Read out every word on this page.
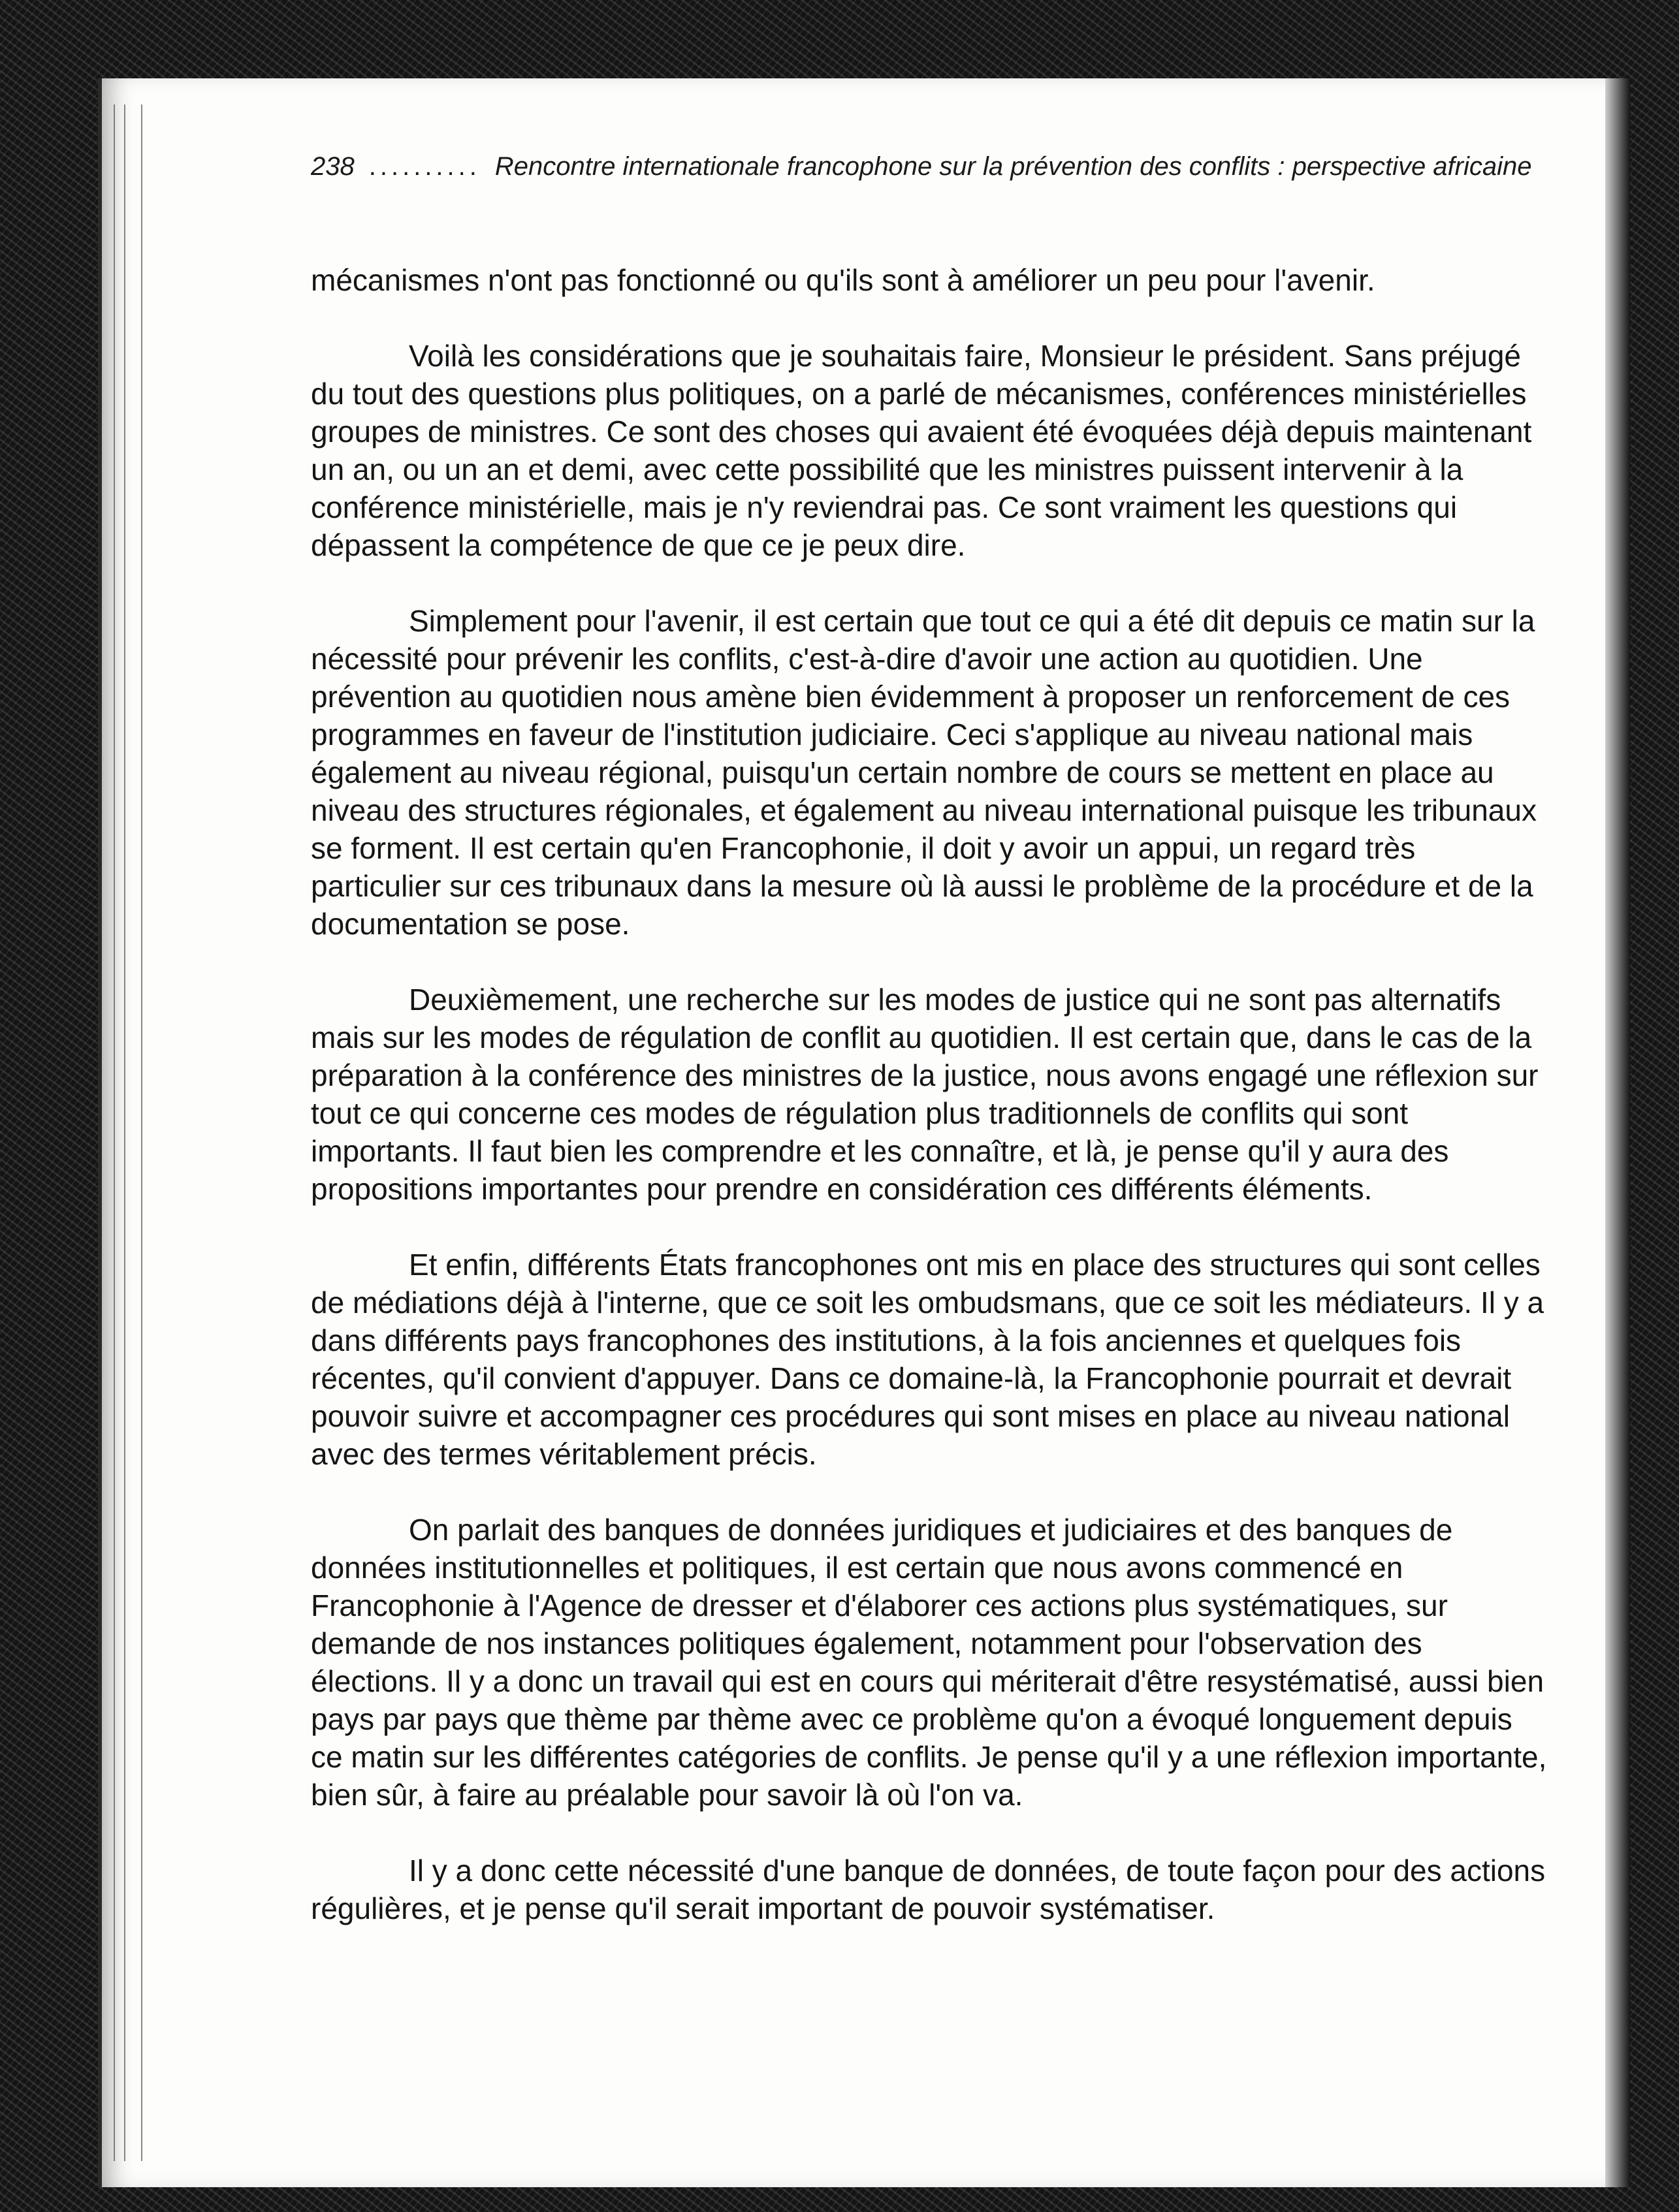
238 .......... Rencontre internationale francophone sur la prévention des conflits : perspective africaine

mécanismes n'ont pas fonctionné ou qu'ils sont à améliorer un peu pour l'avenir.

Voilà les considérations que je souhaitais faire, Monsieur le président. Sans préjugé du tout des questions plus politiques, on a parlé de mécanismes, conférences ministérielles groupes de ministres. Ce sont des choses qui avaient été évoquées déjà depuis maintenant un an, ou un an et demi, avec cette possibilité que les ministres puissent intervenir à la conférence ministérielle, mais je n'y reviendrai pas. Ce sont vraiment les questions qui dépassent la compétence de que ce je peux dire.

Simplement pour l'avenir, il est certain que tout ce qui a été dit depuis ce matin sur la nécessité pour prévenir les conflits, c'est-à-dire d'avoir une action au quotidien. Une prévention au quotidien nous amène bien évidemment à proposer un renforcement de ces programmes en faveur de l'institution judiciaire. Ceci s'applique au niveau national mais également au niveau régional, puisqu'un certain nombre de cours se mettent en place au niveau des structures régionales, et également au niveau international puisque les tribunaux se forment. Il est certain qu'en Francophonie, il doit y avoir un appui, un regard très particulier sur ces tribunaux dans la mesure où là aussi le problème de la procédure et de la documentation se pose.

Deuxièmement, une recherche sur les modes de justice qui ne sont pas alternatifs mais sur les modes de régulation de conflit au quotidien. Il est certain que, dans le cas de la préparation à la conférence des ministres de la justice, nous avons engagé une réflexion sur tout ce qui concerne ces modes de régulation plus traditionnels de conflits qui sont importants. Il faut bien les comprendre et les connaître, et là, je pense qu'il y aura des propositions importantes pour prendre en considération ces différents éléments.

Et enfin, différents États francophones ont mis en place des structures qui sont celles de médiations déjà à l'interne, que ce soit les ombudsmans, que ce soit les médiateurs. Il y a dans différents pays francophones des institutions, à la fois anciennes et quelques fois récentes, qu'il convient d'appuyer. Dans ce domaine-là, la Francophonie pourrait et devrait pouvoir suivre et accompagner ces procédures qui sont mises en place au niveau national avec des termes véritablement précis.

On parlait des banques de données juridiques et judiciaires et des banques de données institutionnelles et politiques, il est certain que nous avons commencé en Francophonie à l'Agence de dresser et d'élaborer ces actions plus systématiques, sur demande de nos instances politiques également, notamment pour l'observation des élections. Il y a donc un travail qui est en cours qui mériterait d'être resystématisé, aussi bien pays par pays que thème par thème avec ce problème qu'on a évoqué longuement depuis ce matin sur les différentes catégories de conflits. Je pense qu'il y a une réflexion importante, bien sûr, à faire au préalable pour savoir là où l'on va.

Il y a donc cette nécessité d'une banque de données, de toute façon pour des actions régulières, et je pense qu'il serait important de pouvoir systématiser.
